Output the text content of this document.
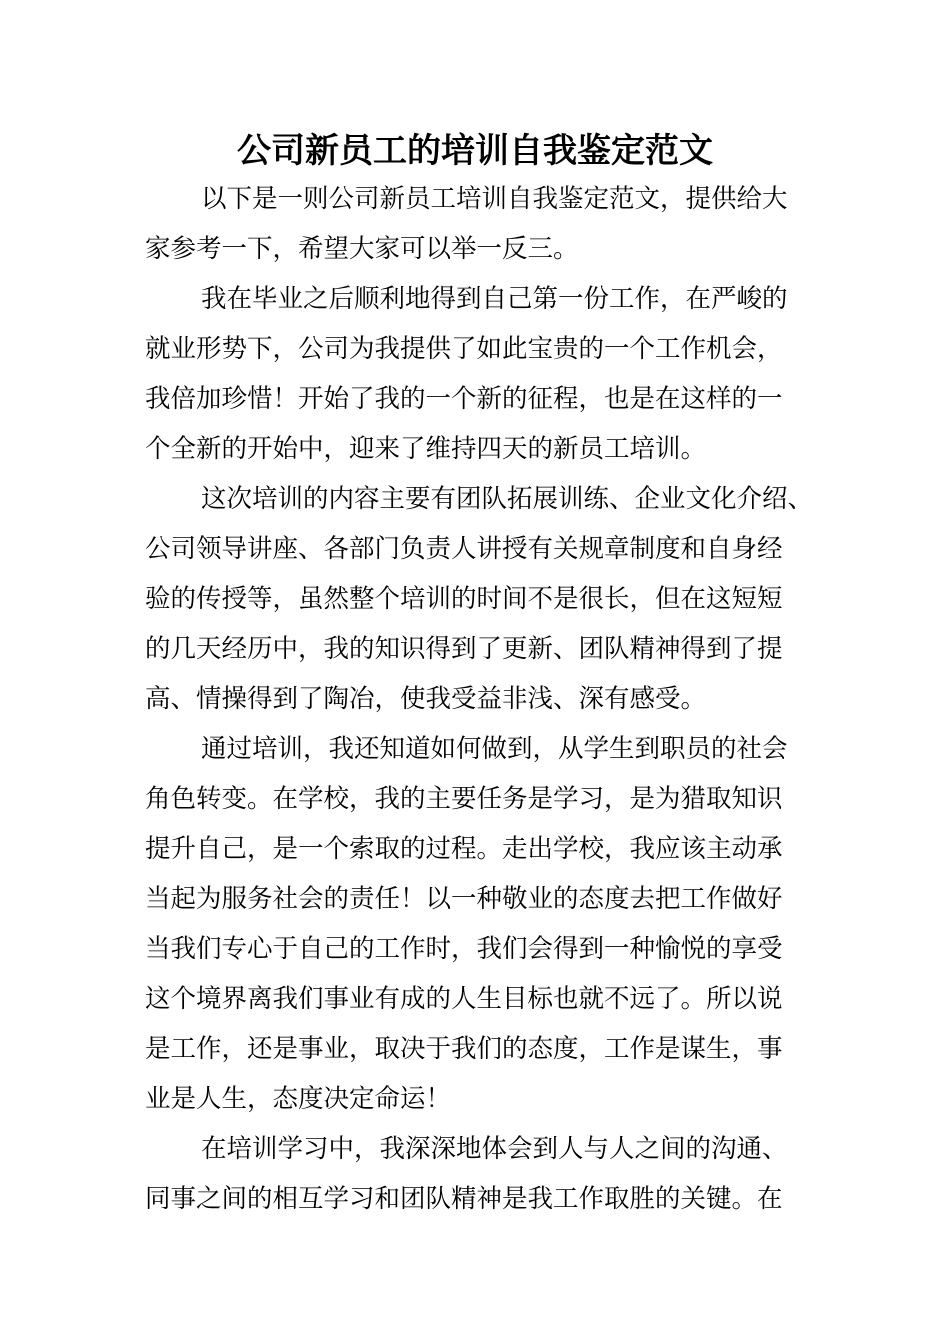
公司新员工的培训自我鉴定范文

以下是一则公司新员工培训自我鉴定范文，提供给大
家参考一下，希望大家可以举一反三。

我在毕业之后顺利地得到自己第一份工作，在严峻的
就业形势下，公司为我提供了如此宝贵的一个工作机会，
我倍加珍惜！开始了我的一个新的征程，也是在这样的一
个全新的开始中，迎来了维持四天的新员工培训。

这次培训的内容主要有团队拓展训练、企业文化介绍、
公司领导讲座、各部门负责人讲授有关规章制度和自身经
验的传授等，虽然整个培训的时间不是很长，但在这短短
的几天经历中，我的知识得到了更新、团队精神得到了提
高、情操得到了陶冶，使我受益非浅、深有感受。

通过培训，我还知道如何做到，从学生到职员的社会
角色转变。在学校，我的主要任务是学习，是为猎取知识
提升自己，是一个索取的过程。走出学校，我应该主动承
当起为服务社会的责任！以一种敬业的态度去把工作做好
当我们专心于自己的工作时，我们会得到一种愉悦的享受
这个境界离我们事业有成的人生目标也就不远了。所以说
是工作，还是事业，取决于我们的态度，工作是谋生，事
业是人生，态度决定命运！

在培训学习中，我深深地体会到人与人之间的沟通、
同事之间的相互学习和团队精神是我工作取胜的关键。在
